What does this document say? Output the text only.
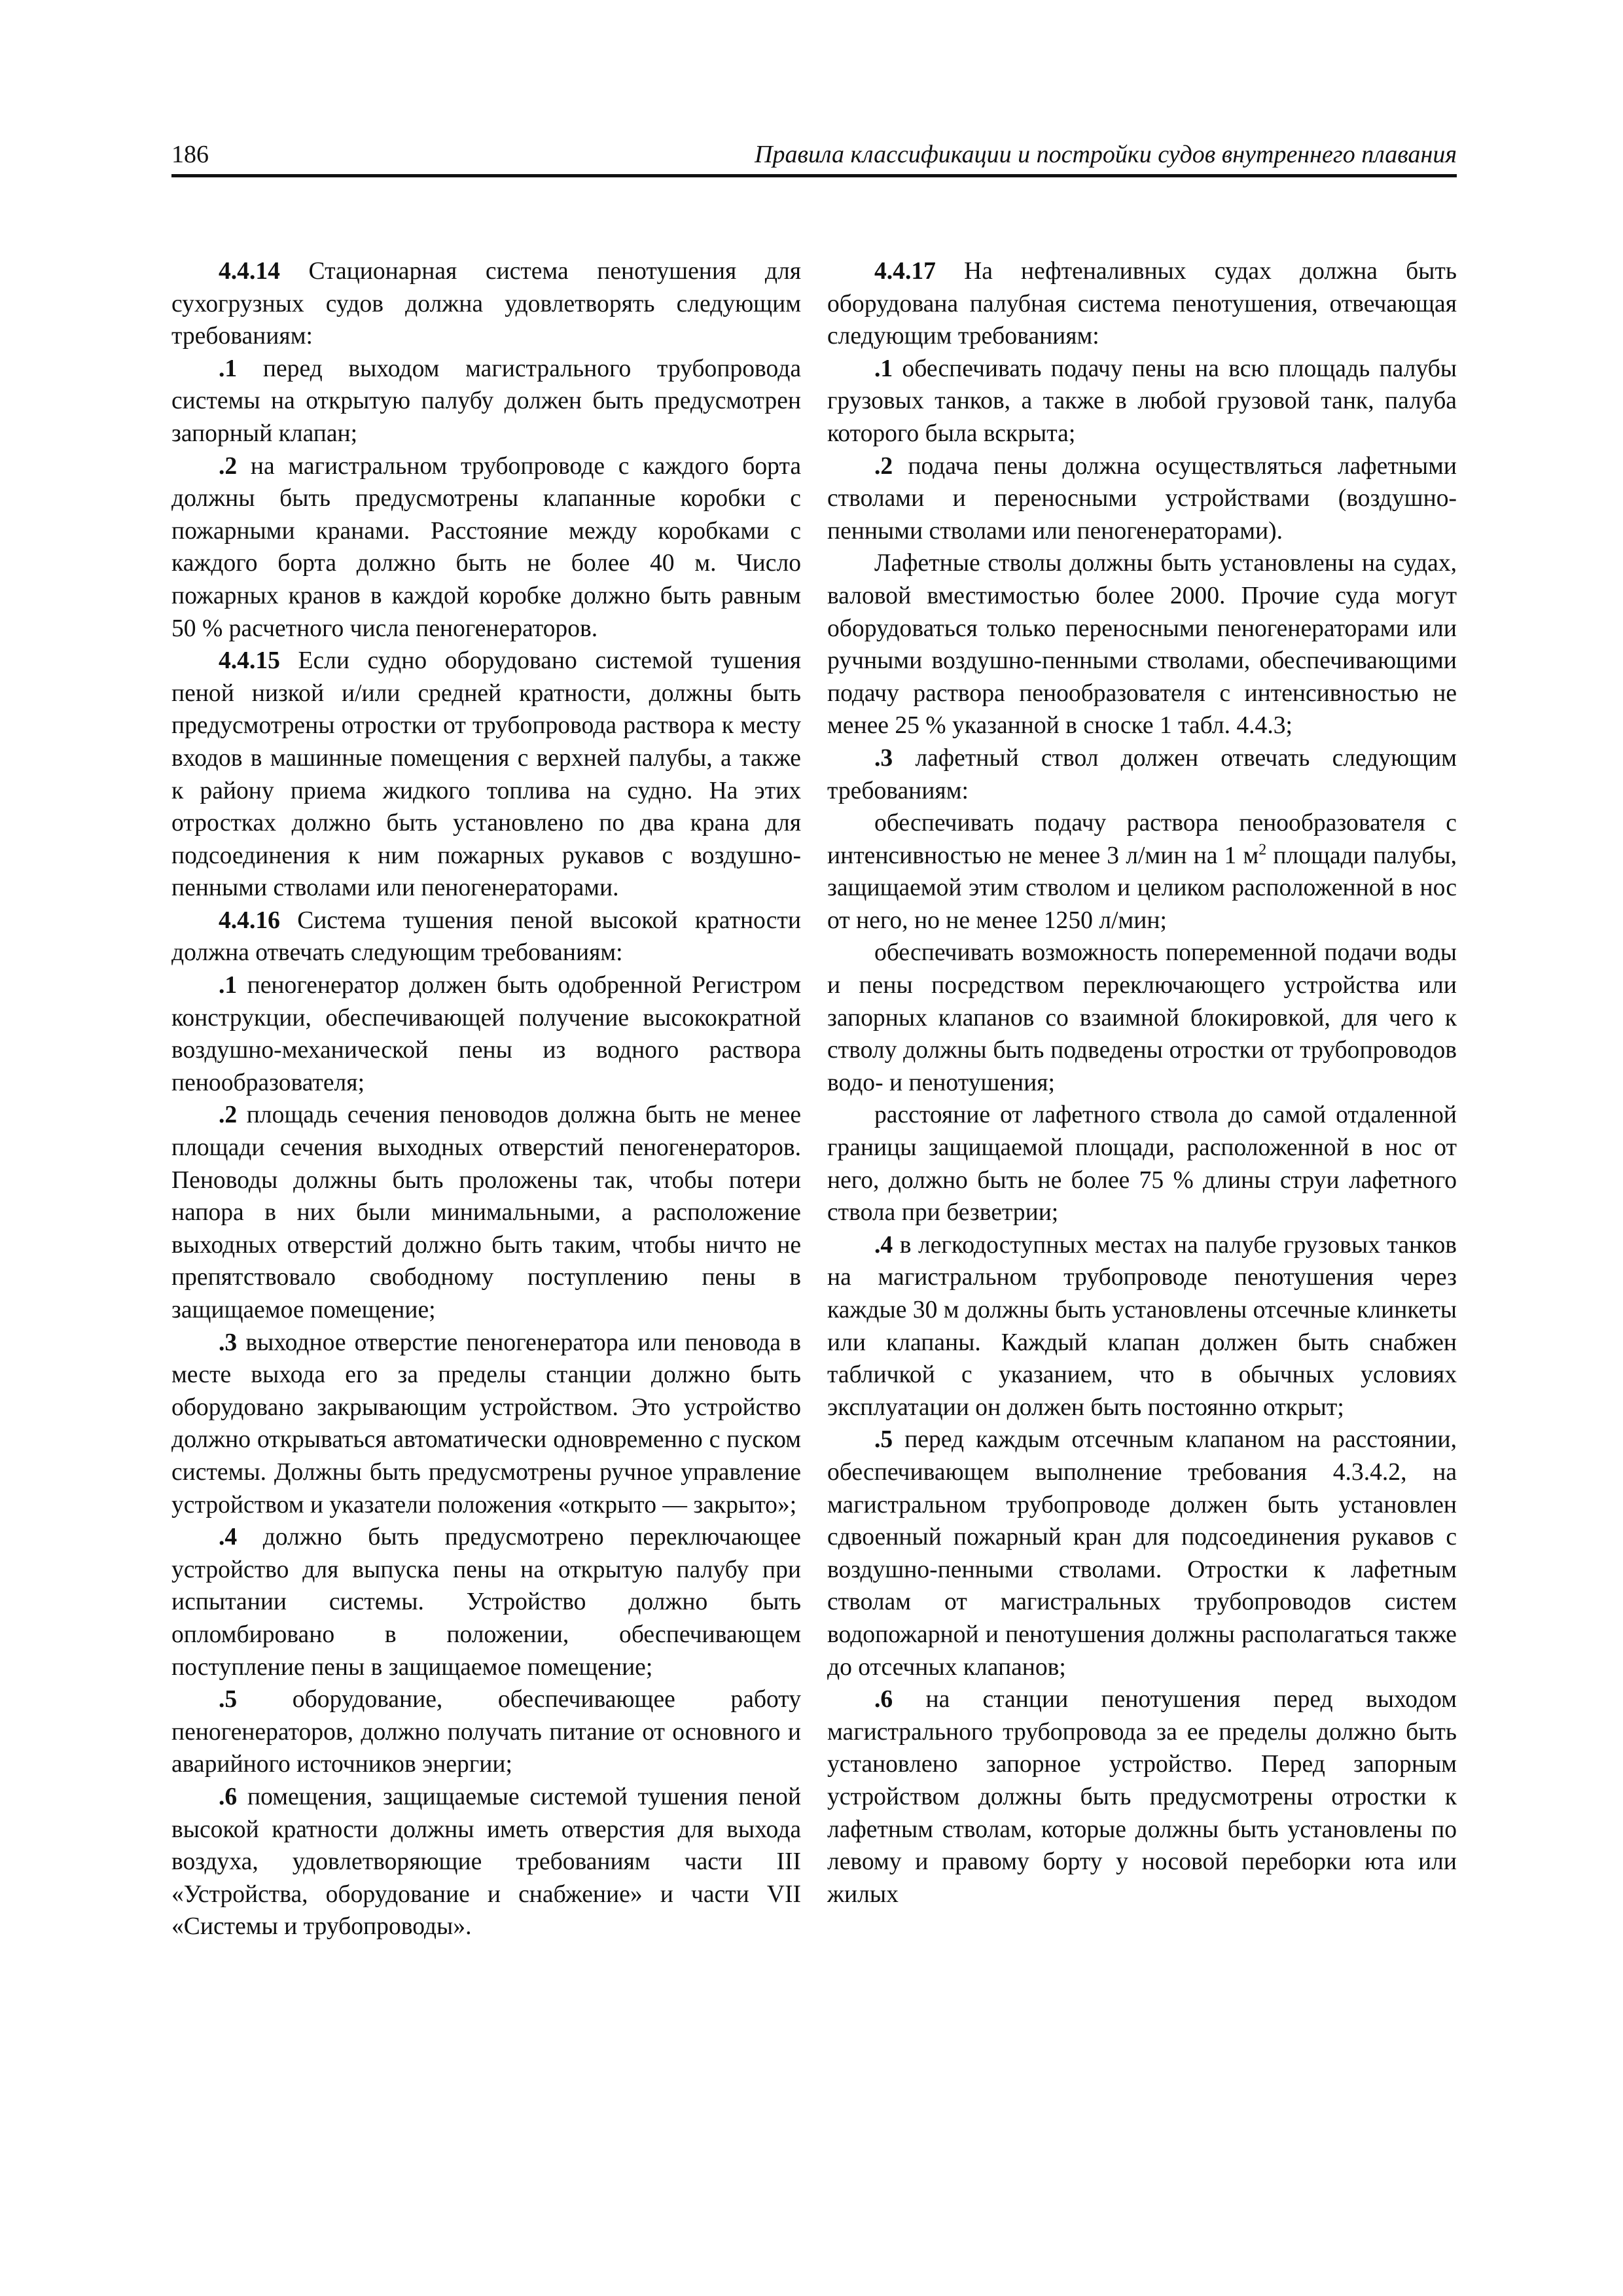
186	Правила классификации и постройки судов внутреннего плавания

4.4.14 Стационарная система пенотушения для сухогрузных судов должна удовлетворять следующим требованиям:

.1 перед выходом магистрального трубопровода системы на открытую палубу должен быть предусмотрен запорный клапан;

.2 на магистральном трубопроводе с каждого борта должны быть предусмотрены клапанные коробки с пожарными кранами. Расстояние между коробками с каждого борта должно быть не более 40 м. Число пожарных кранов в каждой коробке должно быть равным 50 % расчетного числа пеногенераторов.

4.4.15 Если судно оборудовано системой тушения пеной низкой и/или средней кратности, должны быть предусмотрены отростки от трубопровода раствора к месту входов в машинные помещения с верхней палубы, а также к району приема жидкого топлива на судно. На этих отростках должно быть установлено по два крана для подсоединения к ним пожарных рукавов с воздушно-пенными стволами или пеногенераторами.

4.4.16 Система тушения пеной высокой кратности должна отвечать следующим требованиям:

.1 пеногенератор должен быть одобренной Регистром конструкции, обеспечивающей получение высокократной воздушно-механической пены из водного раствора пенообразователя;

.2 площадь сечения пеноводов должна быть не менее площади сечения выходных отверстий пеногенераторов. Пеноводы должны быть проложены так, чтобы потери напора в них были минимальными, а расположение выходных отверстий должно быть таким, чтобы ничто не препятствовало свободному поступлению пены в защищаемое помещение;

.3 выходное отверстие пеногенератора или пеновода в месте выхода его за пределы станции должно быть оборудовано закрывающим устройством. Это устройство должно открываться автоматически одновременно с пуском системы. Должны быть предусмотрены ручное управление устройством и указатели положения «открыто — закрыто»;

.4 должно быть предусмотрено переключающее устройство для выпуска пены на открытую палубу при испытании системы. Устройство должно быть опломбировано в положении, обеспечивающем поступление пены в защищаемое помещение;

.5 оборудование, обеспечивающее работу пеногенераторов, должно получать питание от основного и аварийного источников энергии;

.6 помещения, защищаемые системой тушения пеной высокой кратности должны иметь отверстия для выхода воздуха, удовлетворяющие требованиям части III «Устройства, оборудование и снабжение» и части VII «Системы и трубопроводы».

4.4.17 На нефтеналивных судах должна быть оборудована палубная система пенотушения, отвечающая следующим требованиям:

.1 обеспечивать подачу пены на всю площадь палубы грузовых танков, а также в любой грузовой танк, палуба которого была вскрыта;

.2 подача пены должна осуществляться лафетными стволами и переносными устройствами (воздушно-пенными стволами или пеногенераторами).

Лафетные стволы должны быть установлены на судах, валовой вместимостью более 2000. Прочие суда могут оборудоваться только переносными пеногенераторами или ручными воздушно-пенными стволами, обеспечивающими подачу раствора пенообразователя с интенсивностью не менее 25 % указанной в сноске 1 табл. 4.4.3;

.3 лафетный ствол должен отвечать следующим требованиям:

обеспечивать подачу раствора пенообразователя с интенсивностью не менее 3 л/мин на 1 $м^2$ площади палубы, защищаемой этим стволом и целиком расположенной в нос от него, но не менее 1250 л/мин;

обеспечивать возможность попеременной подачи воды и пены посредством переключающего устройства или запорных клапанов со взаимной блокировкой, для чего к стволу должны быть подведены отростки от трубопроводов водо- и пенотушения;

расстояние от лафетного ствола до самой отдаленной границы защищаемой площади, расположенной в нос от него, должно быть не более 75 % длины струи лафетного ствола при безветрии;

.4 в легкодоступных местах на палубе грузовых танков на магистральном трубопроводе пенотушения через каждые 30 м должны быть установлены отсечные клинкеты или клапаны. Каждый клапан должен быть снабжен табличкой с указанием, что в обычных условиях эксплуатации он должен быть постоянно открыт;

.5 перед каждым отсечным клапаном на расстоянии, обеспечивающем выполнение требования 4.3.4.2, на магистральном трубопроводе должен быть установлен сдвоенный пожарный кран для подсоединения рукавов с воздушно-пенными стволами. Отростки к лафетным стволам от магистральных трубопроводов систем водопожарной и пенотушения должны располагаться также до отсечных клапанов;

.6 на станции пенотушения перед выходом магистрального трубопровода за ее пределы должно быть установлено запорное устройство. Перед запорным устройством должны быть предусмотрены отростки к лафетным стволам, которые должны быть установлены по левому и правому борту у носовой переборки юта или жилых
